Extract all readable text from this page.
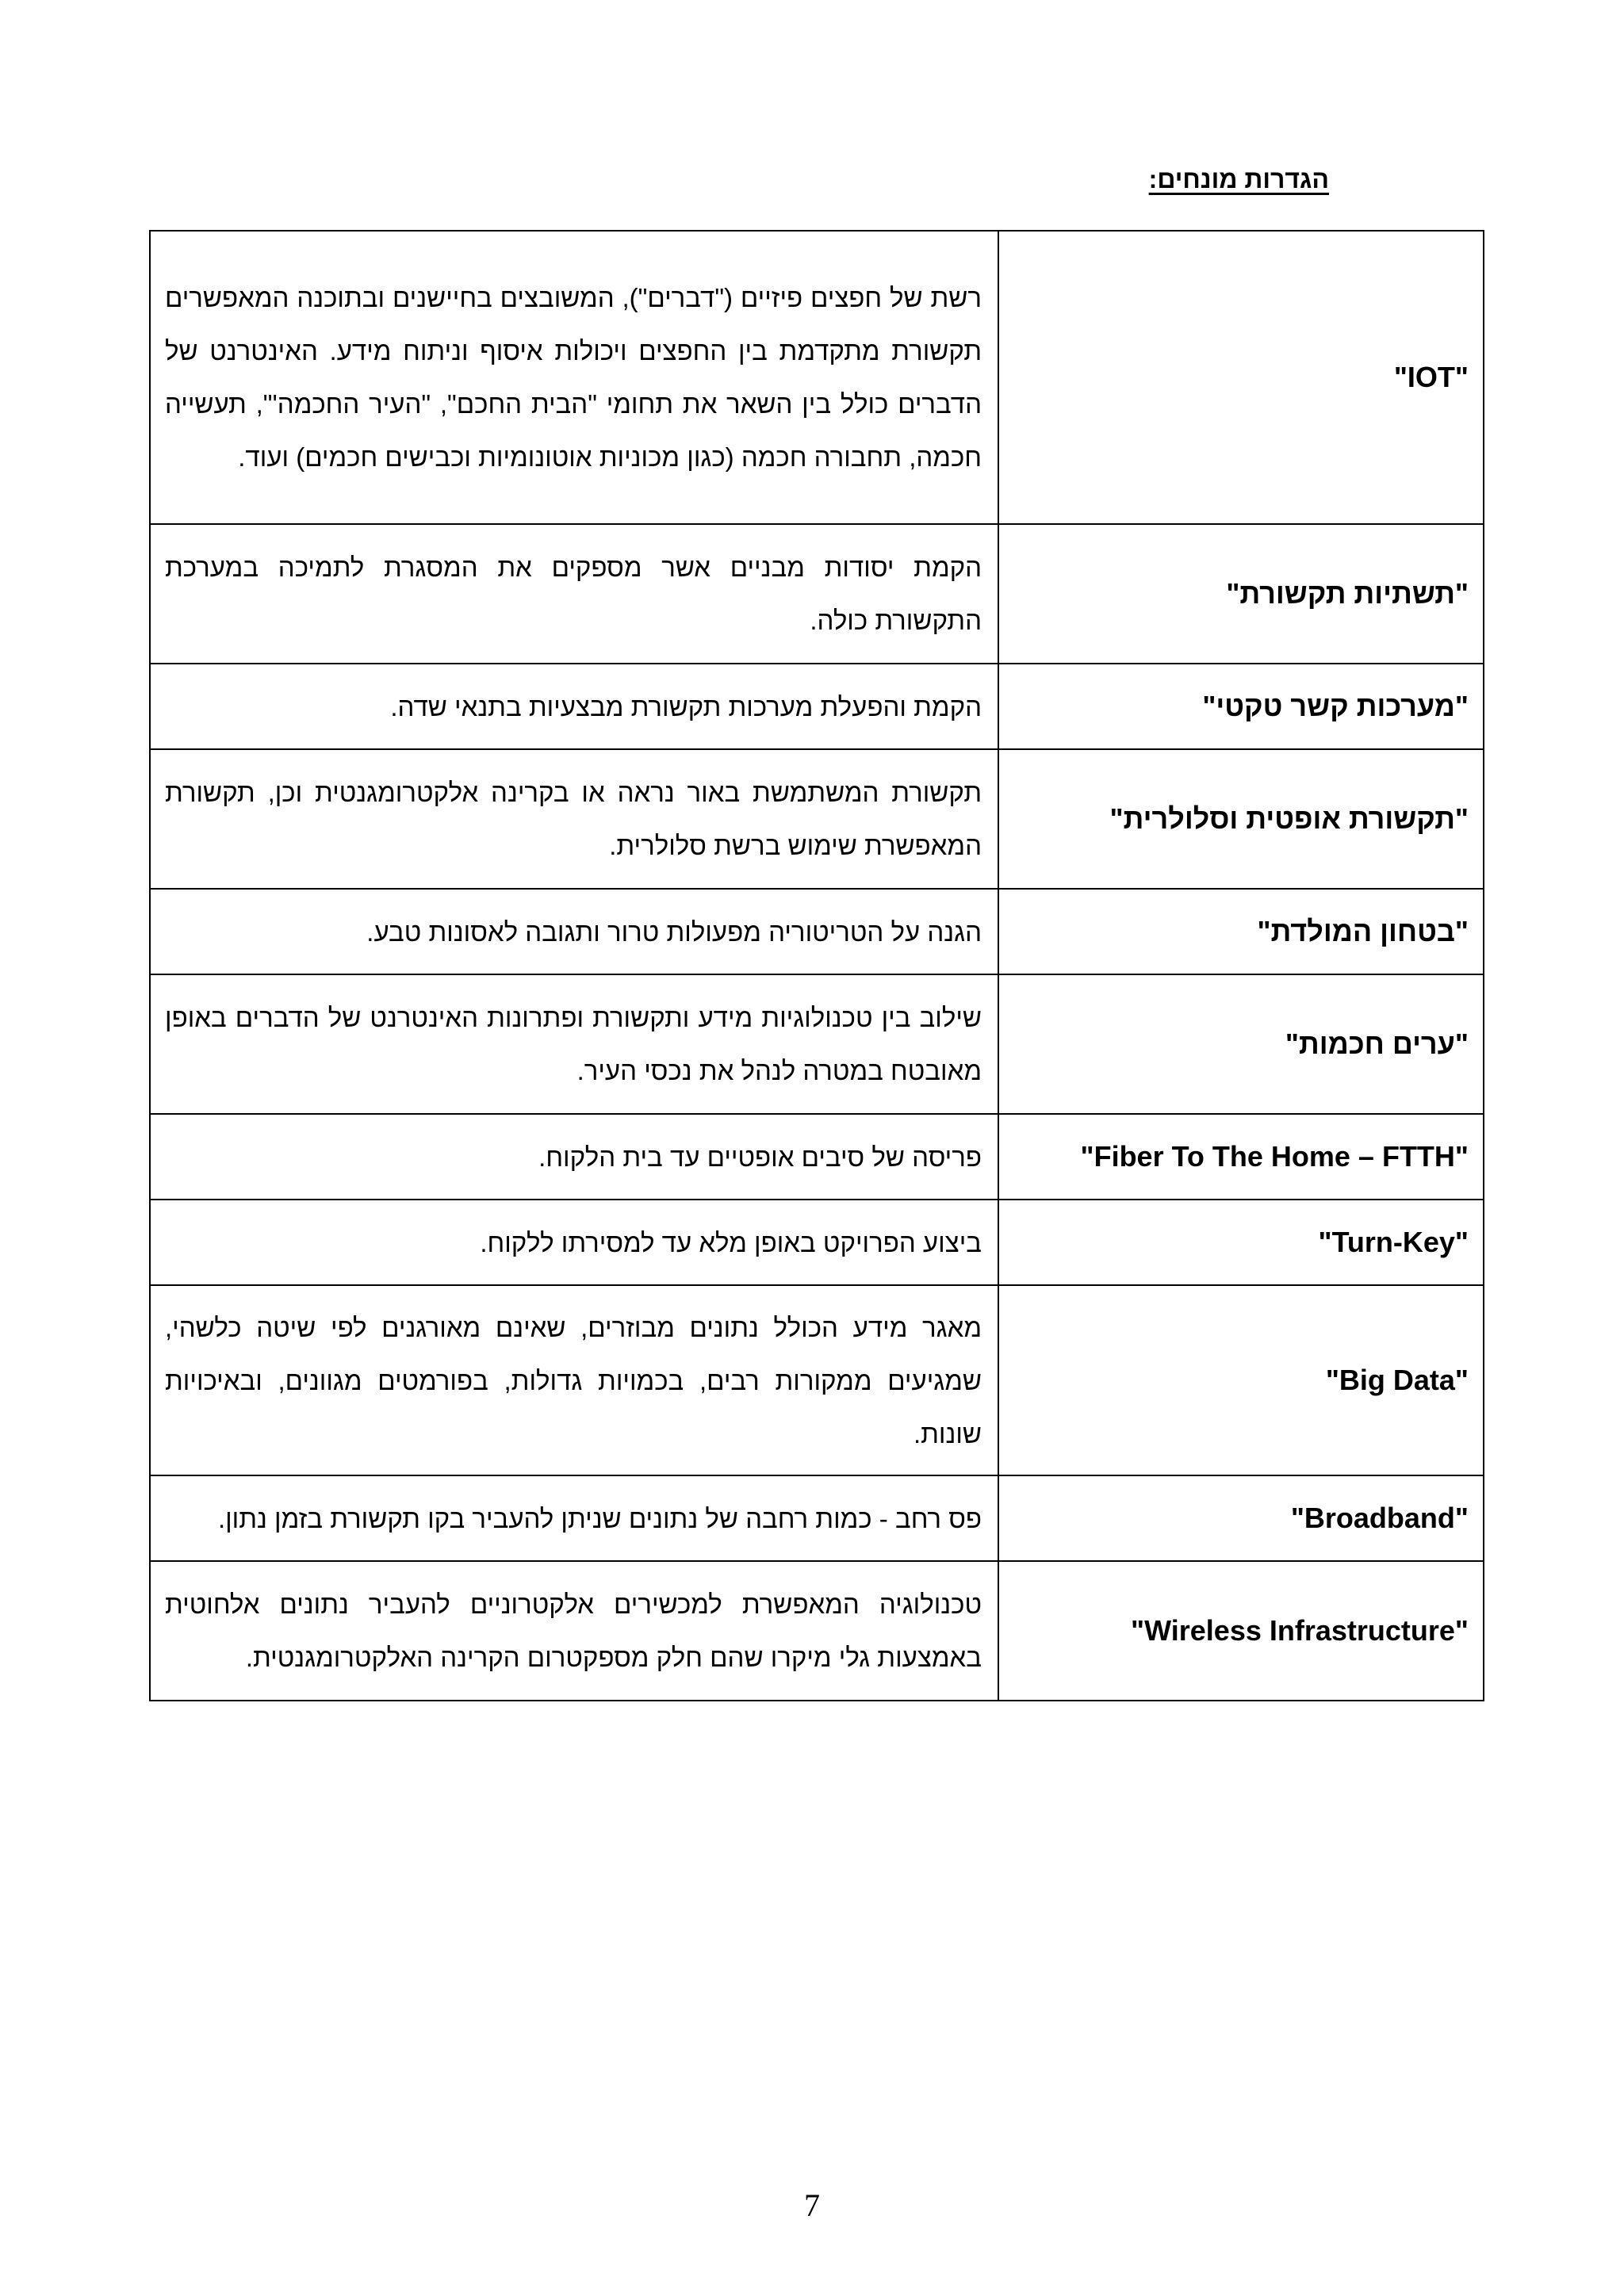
הגדרות מונחים:
"IOT"	רשת של חפצים פיזיים ("דברים"), המשובצים בחיישנים ובתוכנה המאפשרים תקשורת מתקדמת בין החפצים ויכולות איסוף וניתוח מידע. האינטרנט של הדברים כולל בין השאר את תחומי "הבית החכם", "העיר החכמה'", תעשייה חכמה, תחבורה חכמה (כגון מכוניות אוטונומיות וכבישים חכמים) ועוד.
"תשתיות תקשורת"	הקמת יסודות מבניים אשר מספקים את המסגרת לתמיכה במערכת התקשורת כולה.
"מערכות קשר טקטי"	הקמת והפעלת מערכות תקשורת מבצעיות בתנאי שדה.
"תקשורת אופטית וסלולרית"	תקשורת המשתמשת באור נראה או בקרינה אלקטרומגנטית וכן, תקשורת המאפשרת שימוש ברשת סלולרית.
"בטחון המולדת"	הגנה על הטריטוריה מפעולות טרור ותגובה לאסונות טבע.
"ערים חכמות"	שילוב בין טכנולוגיות מידע ותקשורת ופתרונות האינטרנט של הדברים באופן מאובטח במטרה לנהל את נכסי העיר.
"Fiber To The Home – FTTH"	פריסה של סיבים אופטיים עד בית הלקוח.
"Turn-Key"	ביצוע הפרויקט באופן מלא עד למסירתו ללקוח.
"Big Data"	מאגר מידע הכולל נתונים מבוזרים, שאינם מאורגנים לפי שיטה כלשהי, שמגיעים ממקורות רבים, בכמויות גדולות, בפורמטים מגוונים, ובאיכויות שונות.
"Broadband"	פס רחב - כמות רחבה של נתונים שניתן להעביר בקו תקשורת בזמן נתון.
"Wireless Infrastructure"	טכנולוגיה המאפשרת למכשירים אלקטרוניים להעביר נתונים אלחוטית באמצעות גלי מיקרו שהם חלק מספקטרום הקרינה האלקטרומגנטית.
7
